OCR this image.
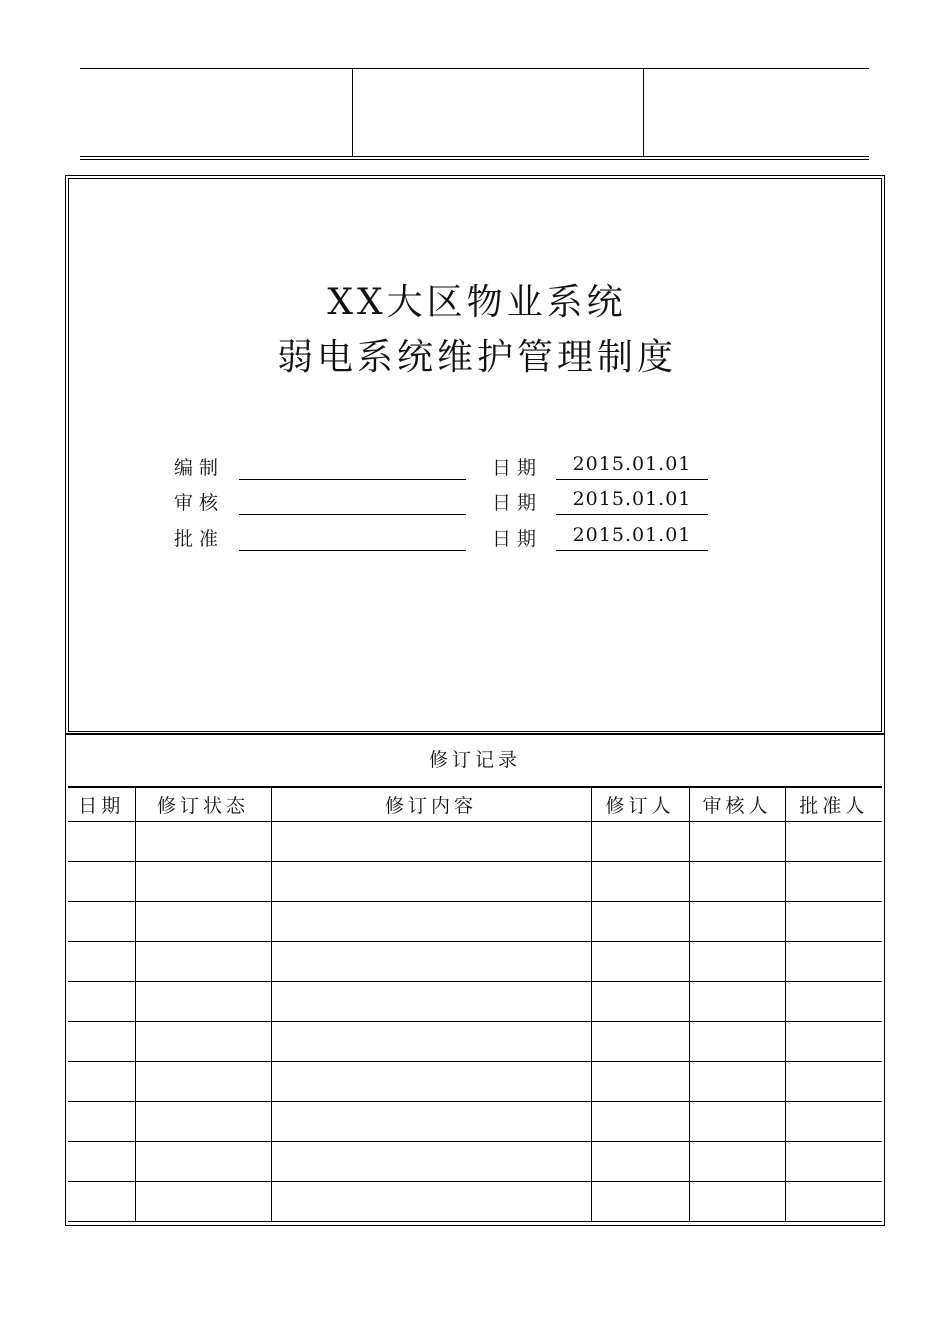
XX大区物业系统
弱电系统维护管理制度
编制	日期	2015.01.01
审核	日期	2015.01.01
批准	日期	2015.01.01
修订记录
日期	修订状态	修订内容	修订人	审核人	批准人
